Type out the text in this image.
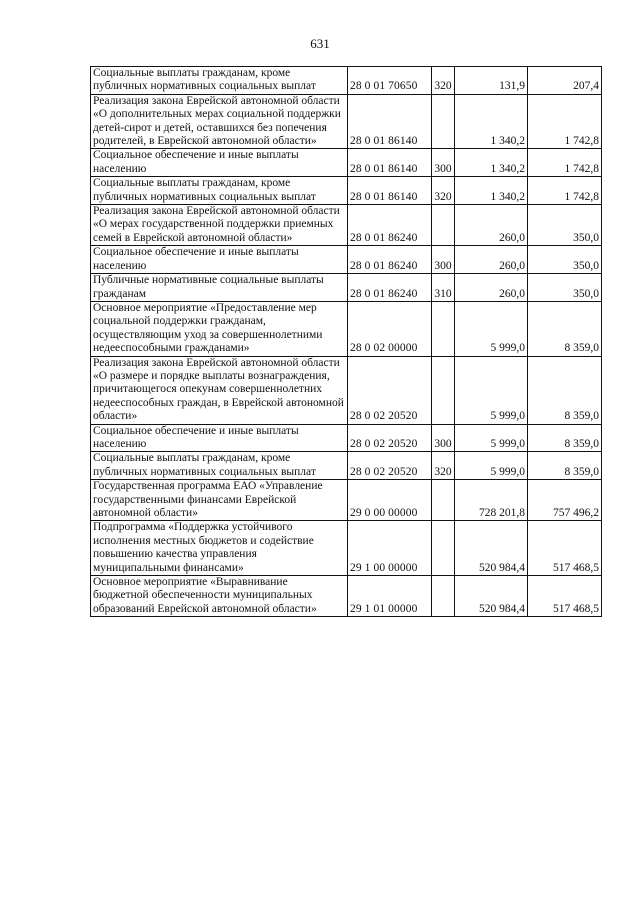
631
Социальные выплаты гражданам, кроме публичных нормативных социальных выплат	28 0 01 70650	320	131,9	207,4
Реализация закона Еврейской автономной области «О дополнительных мерах социальной поддержки детей-сирот и детей, оставшихся без попечения родителей, в Еврейской автономной области»	28 0 01 86140		1 340,2	1 742,8
Социальное обеспечение и иные выплаты населению	28 0 01 86140	300	1 340,2	1 742,8
Социальные выплаты гражданам, кроме публичных нормативных социальных выплат	28 0 01 86140	320	1 340,2	1 742,8
Реализация закона Еврейской автономной области «О мерах государственной поддержки приемных семей в Еврейской автономной области»	28 0 01 86240		260,0	350,0
Социальное обеспечение и иные выплаты населению	28 0 01 86240	300	260,0	350,0
Публичные нормативные социальные выплаты гражданам	28 0 01 86240	310	260,0	350,0
Основное мероприятие «Предоставление мер социальной поддержки гражданам, осуществляющим уход за совершеннолетними недееспособными гражданами»	28 0 02 00000		5 999,0	8 359,0
Реализация закона Еврейской автономной области «О размере и порядке выплаты вознаграждения, причитающегося опекунам совершеннолетних недееспособных граждан, в Еврейской автономной области»	28 0 02 20520		5 999,0	8 359,0
Социальное обеспечение и иные выплаты населению	28 0 02 20520	300	5 999,0	8 359,0
Социальные выплаты гражданам, кроме публичных нормативных социальных выплат	28 0 02 20520	320	5 999,0	8 359,0
Государственная программа ЕАО «Управление государственными финансами Еврейской автономной области»	29 0 00 00000		728 201,8	757 496,2
Подпрограмма «Поддержка устойчивого исполнения местных бюджетов и содействие повышению качества управления муниципальными финансами»	29 1 00 00000		520 984,4	517 468,5
Основное мероприятие «Выравнивание бюджетной обеспеченности муниципальных образований Еврейской автономной области»	29 1 01 00000		520 984,4	517 468,5
